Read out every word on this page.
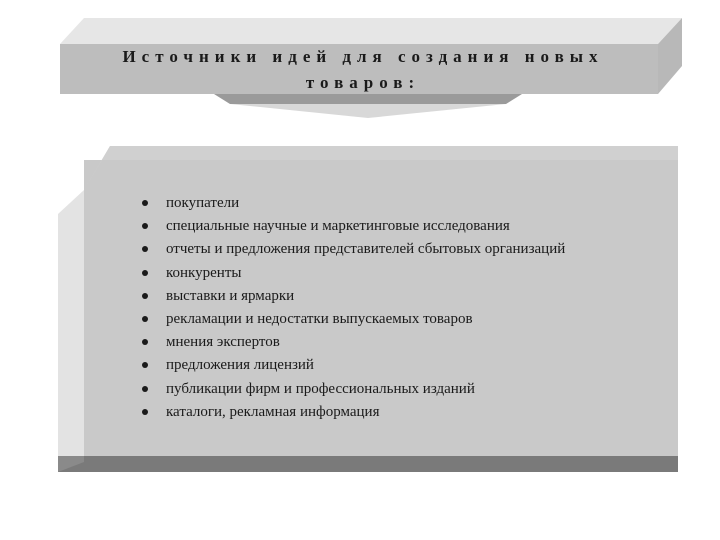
Источники идей для создания новых
товаров:
покупатели
специальные научные и маркетинговые исследования
отчеты и предложения представителей сбытовых организаций
конкуренты
выставки и ярмарки
рекламации и недостатки выпускаемых товаров
мнения экспертов
предложения лицензий
публикации фирм и профессиональных изданий
каталоги, рекламная информация
